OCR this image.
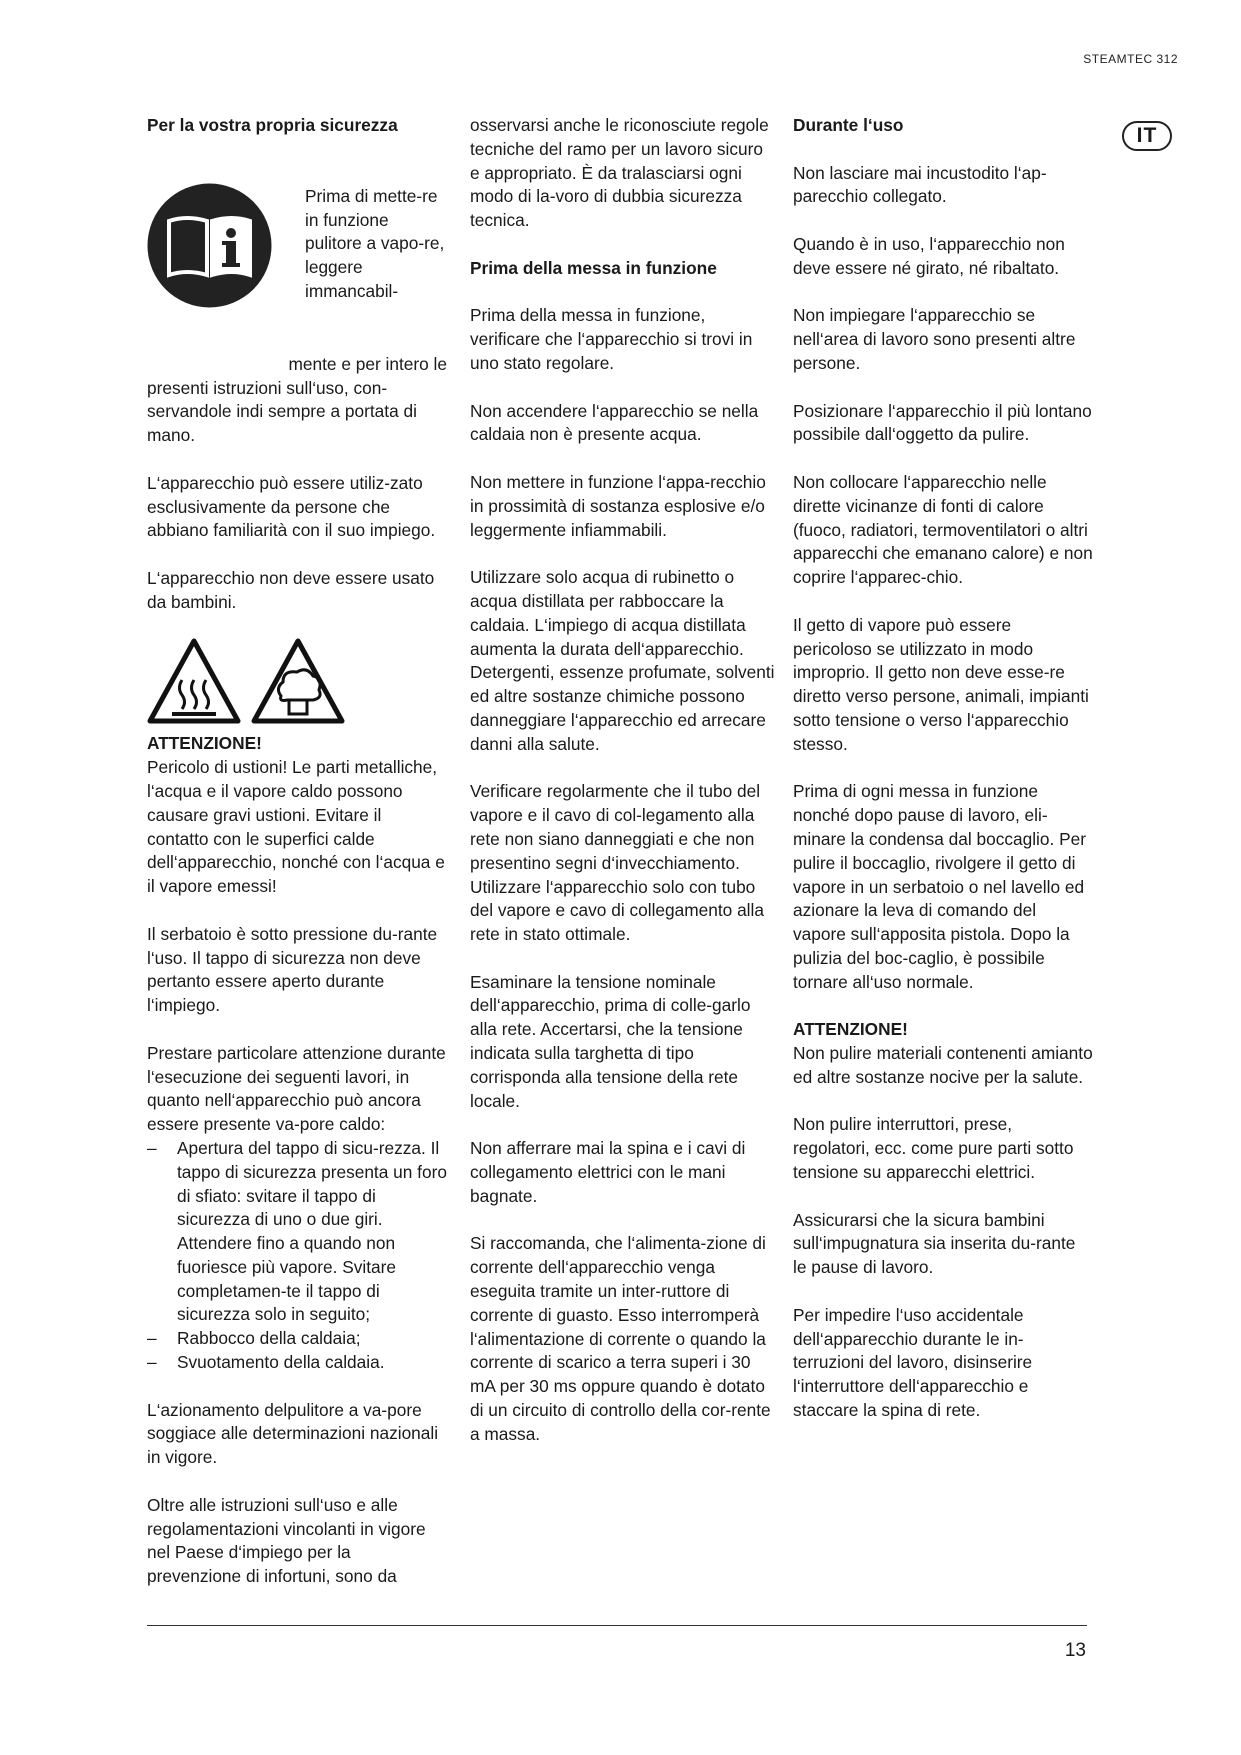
STEAMTEC 312
IT
Per la vostra propria sicurezza
Prima di mette-re in funzione pulitore a vapo-re, leggere immancabil-
mente e per intero le

presenti istruzioni sull‘uso, con-servandole indi sempre a portata di mano.

L‘apparecchio può essere utiliz-zato esclusivamente da persone che abbiano familiarità con il suo impiego.

L‘apparecchio non deve essere usato da bambini.

ATTENZIONE!

Pericolo di ustioni! Le parti metalliche, l‘acqua e il vapore caldo possono causare gravi ustioni. Evitare il contatto con le superfici calde dell‘apparecchio, nonché con l‘acqua e il vapore emessi!

Il serbatoio è sotto pressione du-rante l‘uso. Il tappo di sicurezza non deve pertanto essere aperto durante l‘impiego.

Prestare particolare attenzione durante l‘esecuzione dei seguenti lavori, in quanto nell‘apparecchio può ancora essere presente va-pore caldo:

– Apertura del tappo di sicu-rezza. Il tappo di sicurezza presenta un foro di sfiato: svitare il tappo di sicurezza di uno o due giri. Attendere fino a quando non fuoriesce più vapore. Svitare completamen-te il tappo di sicurezza solo in seguito;
– Rabbocco della caldaia;
– Svuotamento della caldaia.

L‘azionamento delpulitore a va-pore soggiace alle determinazioni nazionali in vigore.

Oltre alle istruzioni sull‘uso e alle regolamentazioni vincolanti in vigore nel Paese d‘impiego per la prevenzione di infortuni, sono da

osservarsi anche le riconosciute regole tecniche del ramo per un lavoro sicuro e appropriato. È da tralasciarsi ogni modo di la-voro di dubbia sicurezza tecnica.

Prima della messa in funzione

Prima della messa in funzione, verificare che l‘apparecchio si trovi in uno stato regolare.

Non accendere l‘apparecchio se nella caldaia non è presente acqua.

Non mettere in funzione l‘appa-recchio in prossimità di sostanza esplosive e/o leggermente infiammabili.

Utilizzare solo acqua di rubinetto o acqua distillata per rabboccare la caldaia. L‘impiego di acqua distillata aumenta la durata dell‘apparecchio. Detergenti, essenze profumate, solventi ed altre sostanze chimiche possono danneggiare l‘apparecchio ed arrecare danni alla salute.

Verificare regolarmente che il tubo del vapore e il cavo di col-legamento alla rete non siano danneggiati e che non presentino segni d‘invecchiamento. Utilizzare l‘apparecchio solo con tubo del vapore e cavo di collegamento alla rete in stato ottimale.

Esaminare la tensione nominale dell‘apparecchio, prima di colle-garlo alla rete. Accertarsi, che la tensione indicata sulla targhetta di tipo corrisponda alla tensione della rete locale.

Non afferrare mai la spina e i cavi di collegamento elettrici con le mani bagnate.

Si raccomanda, che l‘alimenta-zione di corrente dell‘apparecchio venga eseguita tramite un inter-ruttore di corrente di guasto. Esso interromperà l‘alimentazione di corrente o quando la corrente di scarico a terra superi i 30 mA per 30 ms oppure quando è dotato di un circuito di controllo della cor-rente a massa.

Durante l‘uso

Non lasciare mai incustodito l‘ap-parecchio collegato.

Quando è in uso, l‘apparecchio non deve essere né girato, né ribaltato.

Non impiegare l‘apparecchio se nell‘area di lavoro sono presenti altre persone.

Posizionare l‘apparecchio il più lontano possibile dall‘oggetto da pulire.

Non collocare l‘apparecchio nelle dirette vicinanze di fonti di calore (fuoco, radiatori, termoventilatori o altri apparecchi che emanano calore) e non coprire l‘apparec-chio.

Il getto di vapore può essere pericoloso se utilizzato in modo improprio. Il getto non deve esse-re diretto verso persone, animali, impianti sotto tensione o verso l‘apparecchio stesso.

Prima di ogni messa in funzione nonché dopo pause di lavoro, eli-minare la condensa dal boccaglio. Per pulire il boccaglio, rivolgere il getto di vapore in un serbatoio o nel lavello ed azionare la leva di comando del vapore sull‘apposita pistola. Dopo la pulizia del boc-caglio, è possibile tornare all‘uso normale.

ATTENZIONE!

Non pulire materiali contenenti amianto ed altre sostanze nocive per la salute.

Non pulire interruttori, prese, regolatori, ecc. come pure parti sotto tensione su apparecchi elettrici.

Assicurarsi che la sicura bambini sull‘impugnatura sia inserita du-rante le pause di lavoro.

Per impedire l‘uso accidentale dell‘apparecchio durante le in-terruzioni del lavoro, disinserire l‘interruttore dell‘apparecchio e staccare la spina di rete.

13
